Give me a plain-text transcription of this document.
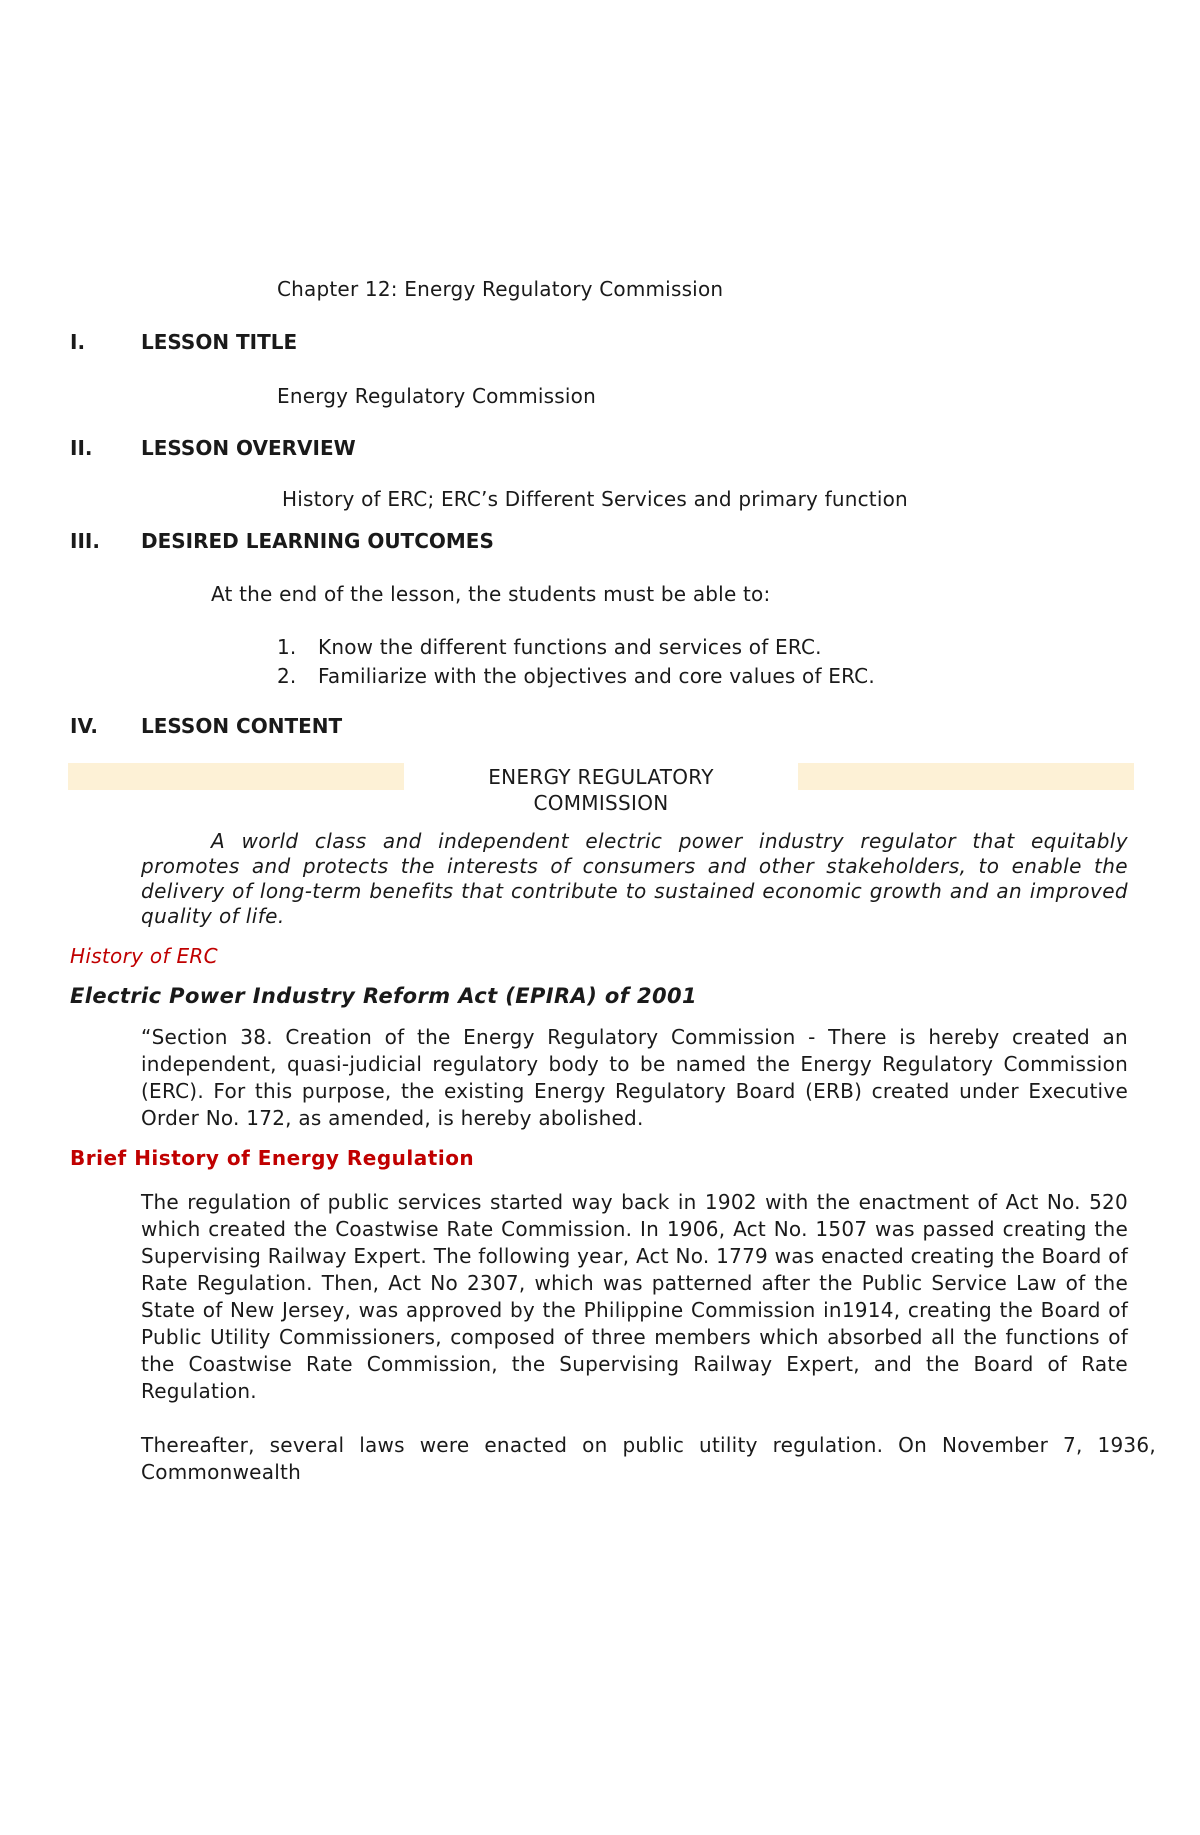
Chapter 12: Energy Regulatory Commission

I.	LESSON TITLE

Energy Regulatory Commission

II. LESSON OVERVIEW

History of ERC; ERC’s Different Services and primary function

III. DESIRED LEARNING OUTCOMES

At the end of the lesson, the students must be able to:

1. Know the different functions and services of ERC.

2. Familiarize with the objectives and core values of ERC.

IV. LESSON CONTENT

ENERGY REGULATORY
COMMISSION

A world class and independent electric power industry regulator that equitably promotes and protects the interests of consumers and other stakeholders, to enable the delivery of long-term benefits that contribute to sustained economic growth and an improved quality of life.

History of ERC

Electric Power Industry Reform Act (EPIRA) of 2001

“Section 38. Creation of the Energy Regulatory Commission - There is hereby created an independent, quasi-judicial regulatory body to be named the Energy Regulatory Commission (ERC). For this purpose, the existing Energy Regulatory Board (ERB) created under Executive Order No. 172, as amended, is hereby abolished.

Brief History of Energy Regulation

The regulation of public services started way back in 1902 with the enactment of Act No. 520 which created the Coastwise Rate Commission. In 1906, Act No. 1507 was passed creating the Supervising Railway Expert. The following year, Act No. 1779 was enacted creating the Board of Rate Regulation. Then, Act No 2307, which was patterned after the Public Service Law of the State of New Jersey, was approved by the Philippine Commission in1914, creating the Board of Public Utility Commissioners, composed of three members which absorbed all the functions of the Coastwise Rate Commission, the Supervising Railway Expert, and the Board of Rate Regulation.

Thereafter, several laws were enacted on public utility regulation. On November 7, 1936, Commonwealth
